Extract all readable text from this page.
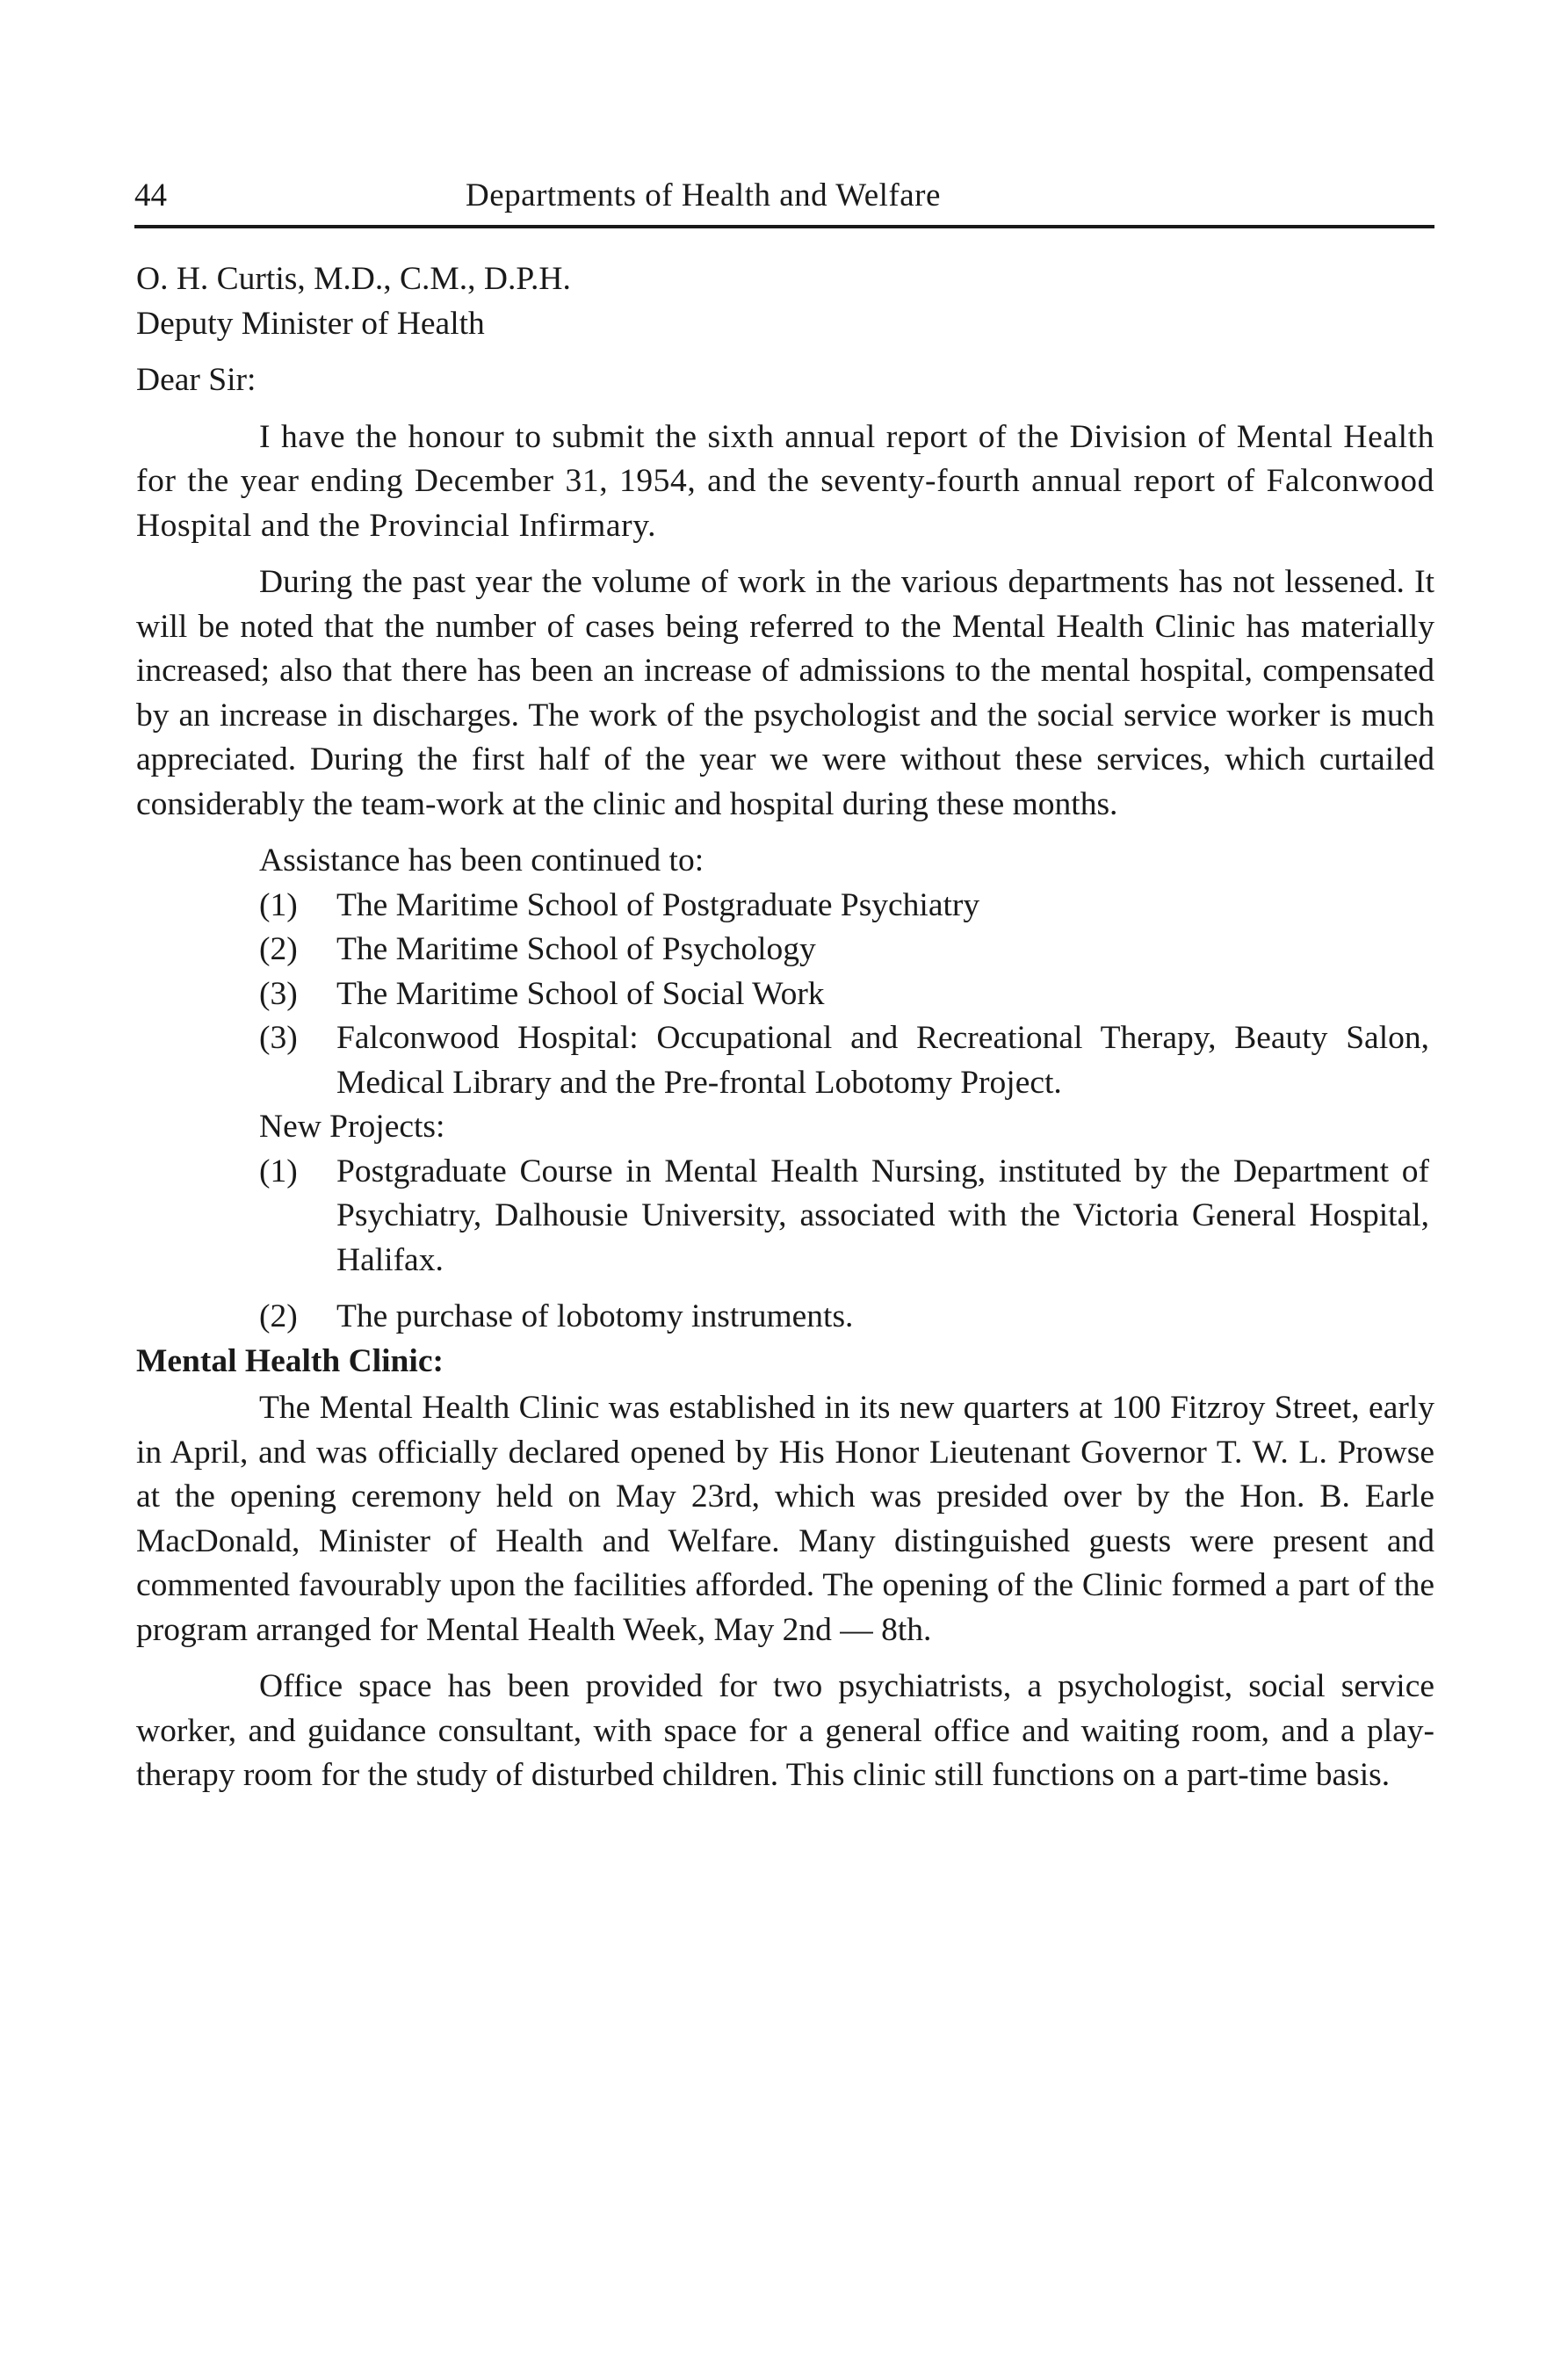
44	Departments of Health and Welfare

O. H. Curtis, M.D., C.M., D.P.H.

Deputy Minister of Health

Dear Sir:

I have the honour to submit the sixth annual report of the Division of Mental Health for the year ending December 31, 1954, and the seventy-fourth annual report of Falconwood Hospital and the Provincial Infirmary.

During the past year the volume of work in the various departments has not lessened. It will be noted that the number of cases being referred to the Mental Health Clinic has materially increased; also that there has been an increase of admissions to the mental hospital, compensated by an increase in discharges. The work of the psychologist and the social service worker is much appreciated. During the first half of the year we were without these services, which curtailed considerably the team-work at the clinic and hospital during these months.

Assistance has been continued to:

(1) The Maritime School of Postgraduate Psychiatry
(2) The Maritime School of Psychology
(3) The Maritime School of Social Work
(3) Falconwood Hospital: Occupational and Recreational Therapy, Beauty Salon, Medical Library and the Pre-frontal Lobotomy Project.

New Projects:

(1) Postgraduate Course in Mental Health Nursing, instituted by the Department of Psychiatry, Dalhousie University, associated with the Victoria General Hospital, Halifax.
(2) The purchase of lobotomy instruments.

Mental Health Clinic:

The Mental Health Clinic was established in its new quarters at 100 Fitzroy Street, early in April, and was officially declared opened by His Honor Lieutenant Governor T. W. L. Prowse at the opening ceremony held on May 23rd, which was presided over by the Hon. B. Earle MacDonald, Minister of Health and Welfare. Many distinguished guests were present and commented favourably upon the facilities afforded. The opening of the Clinic formed a part of the program arranged for Mental Health Week, May 2nd — 8th.

Office space has been provided for two psychiatrists, a psychologist, social service worker, and guidance consultant, with space for a general office and waiting room, and a play-therapy room for the study of disturbed children. This clinic still functions on a part-time basis.
